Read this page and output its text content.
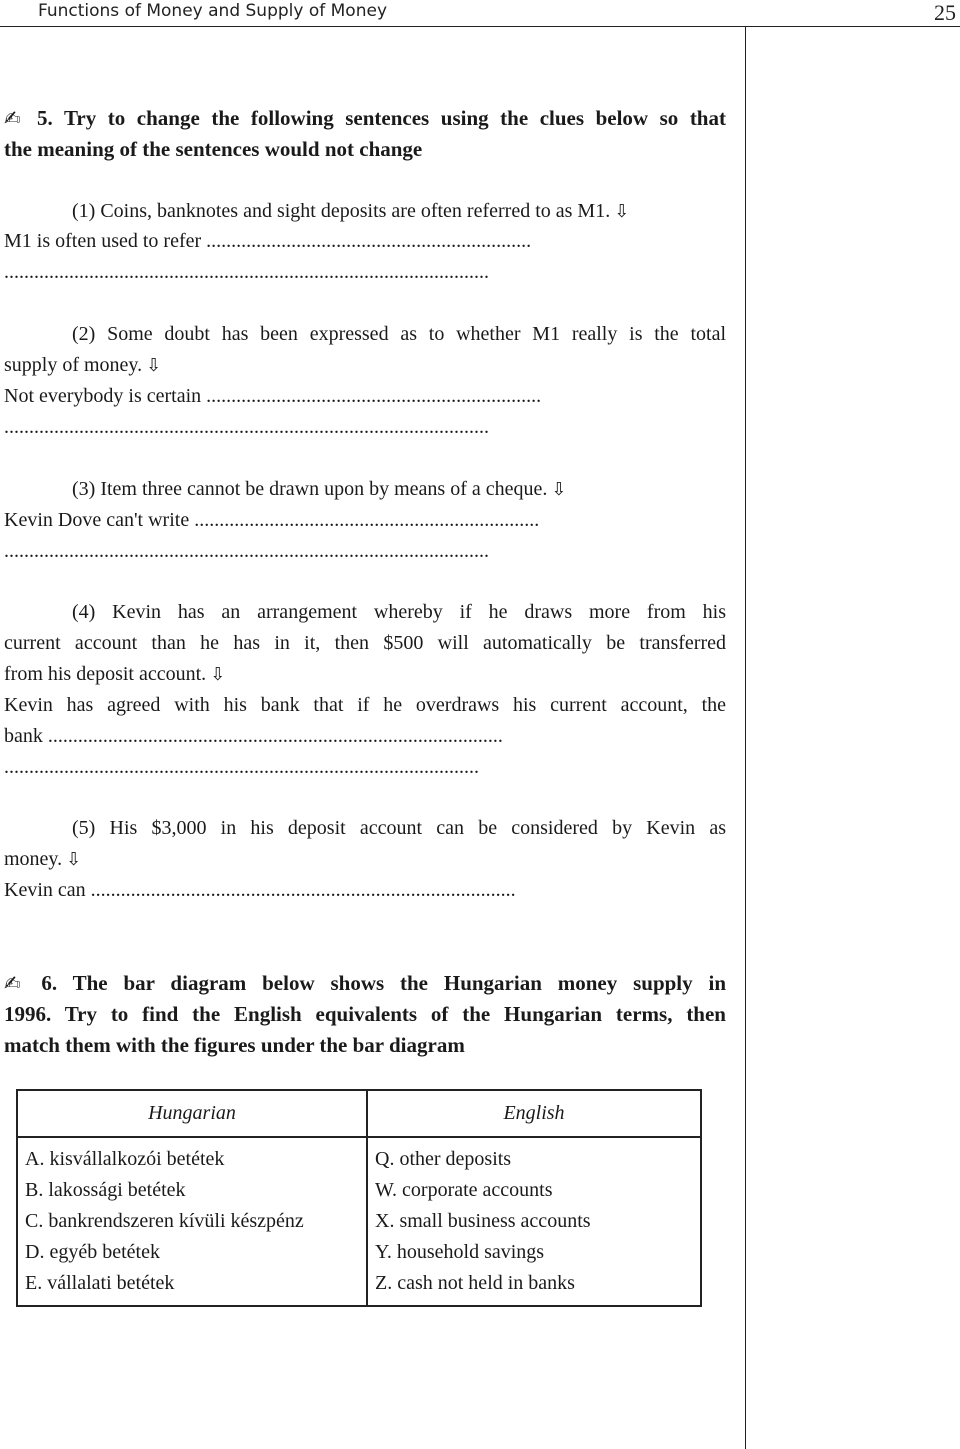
Functions of Money and Supply of Money	25
✍ 5. Try to change the following sentences using the clues below so that
the meaning of the sentences would not change
(1) Coins, banknotes and sight deposits are often referred to as M1. ⇩
M1 is often used to refer .................................................................
.................................................................................................
(2) Some doubt has been expressed as to whether M1 really is the total
supply of money. ⇩
Not everybody is certain ...................................................................
.................................................................................................
(3) Item three cannot be drawn upon by means of a cheque. ⇩
Kevin Dove can't write .....................................................................
.................................................................................................
(4) Kevin has an arrangement whereby if he draws more from his
current account than he has in it, then $500 will automatically be transferred
from his deposit account. ⇩
Kevin has agreed with his bank that if he overdraws his current account, the
bank ...........................................................................................
...............................................................................................
(5) His $3,000 in his deposit account can be considered by Kevin as
money. ⇩
Kevin can .....................................................................................
✍ 6. The bar diagram below shows the Hungarian money supply in
1996. Try to find the English equivalents of the Hungarian terms, then
match them with the figures under the bar diagram
Hungarian	English
A. kisvállalkozói betétek	Q. other deposits
B. lakossági betétek	W. corporate accounts
C. bankrendszeren kívüli készpénz	X. small business accounts
D. egyéb betétek	Y. household savings
E. vállalati betétek	Z. cash not held in banks
